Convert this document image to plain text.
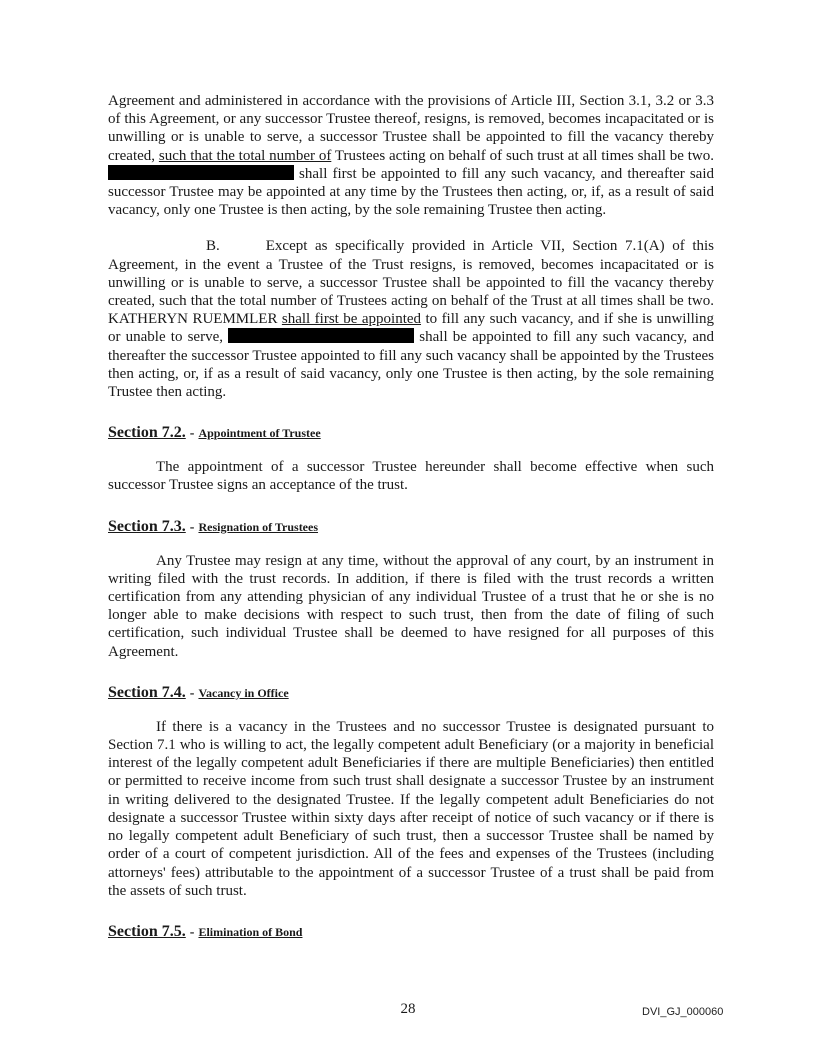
Agreement and administered in accordance with the provisions of Article III, Section 3.1, 3.2 or 3.3 of this Agreement, or any successor Trustee thereof, resigns, is removed, becomes incapacitated or is unwilling or is unable to serve, a successor Trustee shall be appointed to fill the vacancy thereby created, such that the total number of Trustees acting on behalf of such trust at all times shall be two.  shall first be appointed to fill any such vacancy, and thereafter said successor Trustee may be appointed at any time by the Trustees then acting, or, if, as a result of said vacancy, only one Trustee is then acting, by the sole remaining Trustee then acting.

B.	Except as specifically provided in Article VII, Section 7.1(A) of this Agreement, in the event a Trustee of the Trust resigns, is removed, becomes incapacitated or is unwilling or is unable to serve, a successor Trustee shall be appointed to fill the vacancy thereby created, such that the total number of Trustees acting on behalf of the Trust at all times shall be two. KATHERYN RUEMMLER shall first be appointed to fill any such vacancy, and if she is unwilling or unable to serve,	shall be appointed to fill any such vacancy, and thereafter the successor Trustee appointed to fill any such vacancy shall be appointed by the Trustees then acting, or, if as a result of said vacancy, only one Trustee is then acting, by the sole remaining Trustee then acting.

Section 7.2. - Appointment of Trustee

The appointment of a successor Trustee hereunder shall become effective when such successor Trustee signs an acceptance of the trust.

Section 7.3. - Resignation of Trustees

Any Trustee may resign at any time, without the approval of any court, by an instrument in writing filed with the trust records. In addition, if there is filed with the trust records a written certification from any attending physician of any individual Trustee of a trust that he or she is no longer able to make decisions with respect to such trust, then from the date of filing of such certification, such individual Trustee shall be deemed to have resigned for all purposes of this Agreement.

Section 7.4. - Vacancy in Office

If there is a vacancy in the Trustees and no successor Trustee is designated pursuant to Section 7.1 who is willing to act, the legally competent adult Beneficiary (or a majority in beneficial interest of the legally competent adult Beneficiaries if there are multiple Beneficiaries) then entitled or permitted to receive income from such trust shall designate a successor Trustee by an instrument in writing delivered to the designated Trustee. If the legally competent adult Beneficiaries do not designate a successor Trustee within sixty days after receipt of notice of such vacancy or if there is no legally competent adult Beneficiary of such trust, then a successor Trustee shall be named by order of a court of competent jurisdiction. All of the fees and expenses of the Trustees (including attorneys' fees) attributable to the appointment of a successor Trustee of a trust shall be paid from the assets of such trust.

Section 7.5. - Elimination of Bond
28	DVI_GJ_000060
